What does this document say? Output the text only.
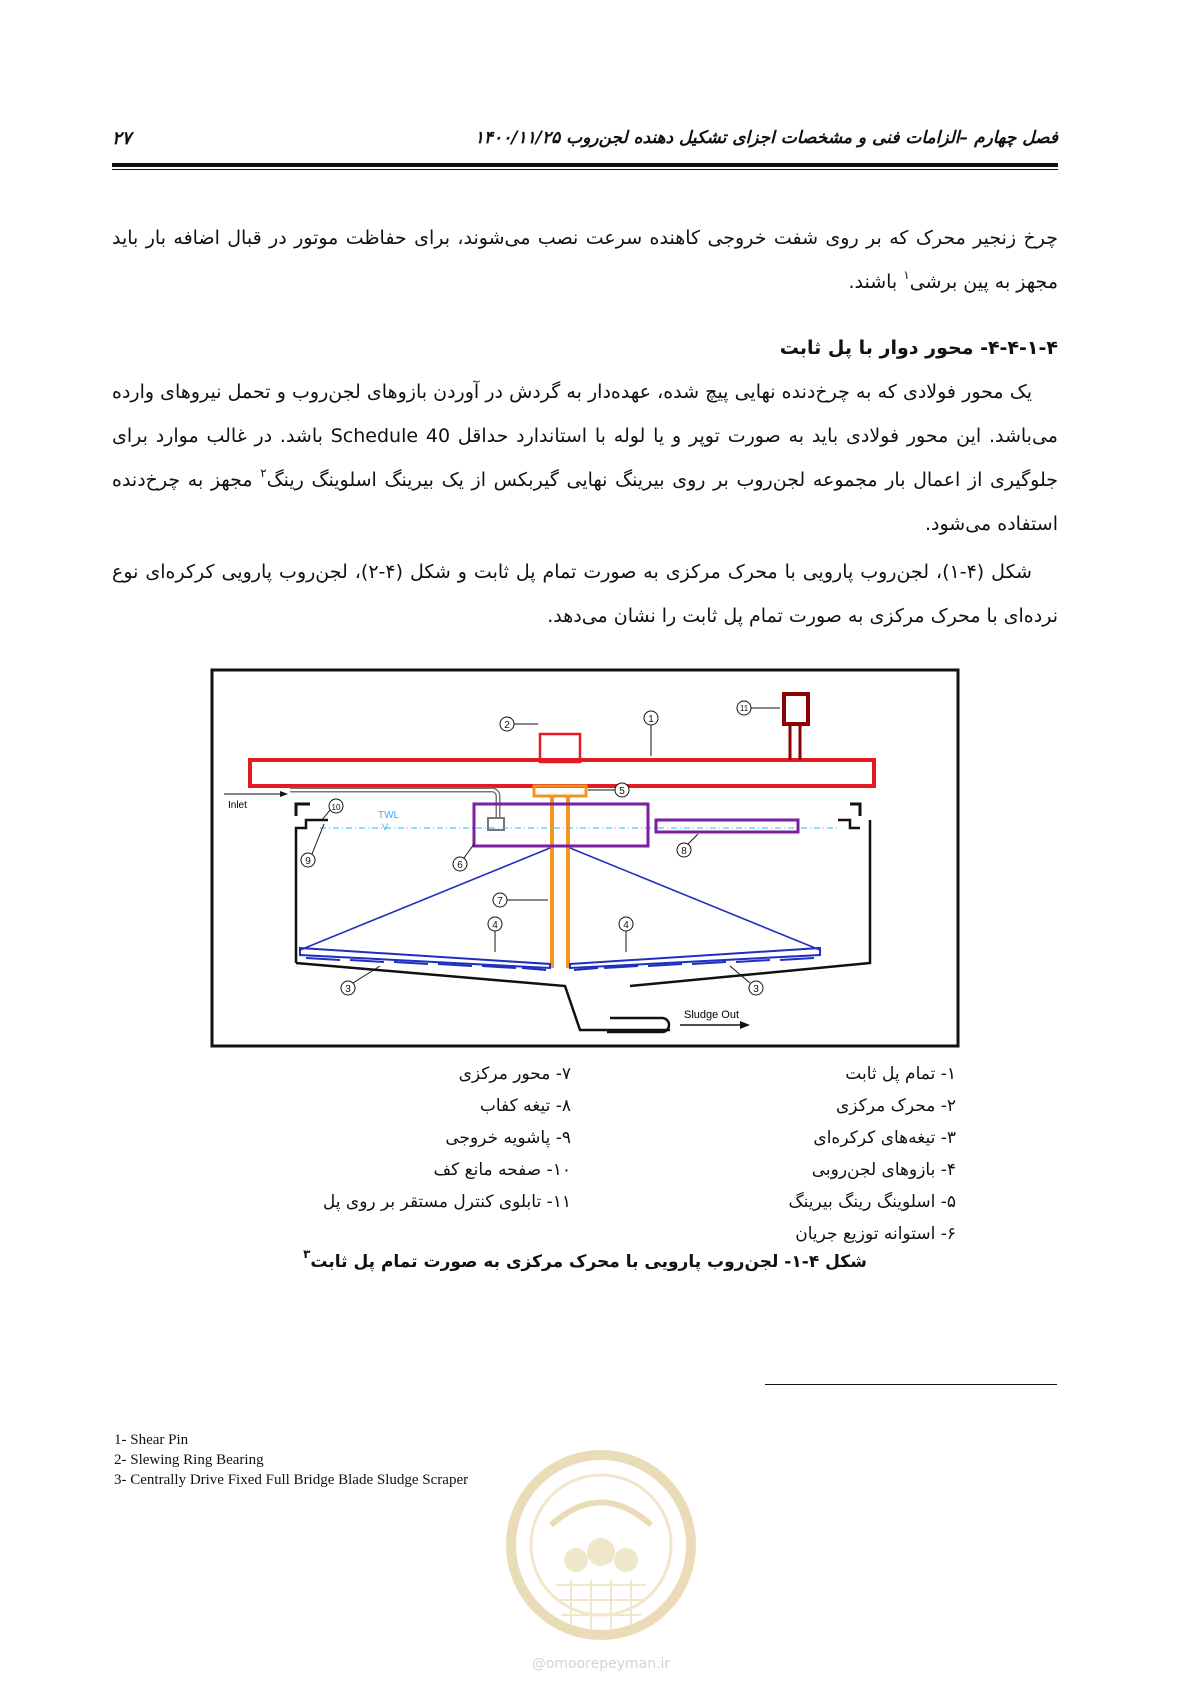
فصل چهارم –الزامات فنی و مشخصات اجزای تشکیل دهنده لجن‌روب ۱۴۰۰/۱۱/۲۵
۲۷

چرخ زنجیر محرک که بر روی شفت خروجی کاهنده سرعت نصب می‌شوند، برای حفاظت موتور در قبال اضافه بار باید مجهز به پین برشی$^۱$ باشند.

۴-۴-۱-۴- محور دوار با پل ثابت

یک محور فولادی که به چرخ‌دنده نهایی پیچ شده، عهده‌دار به گردش در آوردن بازوهای لجن‌روب و تحمل نیروهای وارده می‌باشد. این محور فولادی باید به صورت توپر و یا لوله با استاندارد حداقل Schedule 40 باشد. در غالب موارد برای جلوگیری از اعمال بار مجموعه لجن‌روب بر روی بیرینگ نهایی گیربکس از یک بیرینگ اسلوینگ رینگ$^۲$ مجهز به چرخ‌دنده استفاده می‌شود.

شکل (۴-۱)، لجن‌روب پارویی با محرک مرکزی به صورت تمام پل ثابت و شکل (۴-۲)، لجن‌روب پارویی کرکره‌ای نوع نرده‌ای با محرک مرکزی به صورت تمام پل ثابت را نشان می‌دهد.

Sludge Out
Inlet
TWL
V
1
2
3	3
4	4
5
6
7
8
9
10
11
۱- تمام پل ثابت
۲- محرک مرکزی
۳- تیغه‌های کرکره‌ای
۴- بازوهای لجن‌روبی
۵- اسلوینگ رینگ بیرینگ
۶- استوانه توزیع جریان
۷- محور مرکزی
۸- تیغه کفاب
۹- پاشویه خروجی
۱۰- صفحه مانع کف
۱۱- تابلوی کنترل مستقر بر روی پل
شکل ۴-۱- لجن‌روب پارویی با محرک مرکزی به صورت تمام پل ثابت$^۳$
1- Shear Pin
2- Slewing Ring Bearing
3- Centrally Drive Fixed Full Bridge Blade Sludge Scraper
@omoorepeyman.ir
